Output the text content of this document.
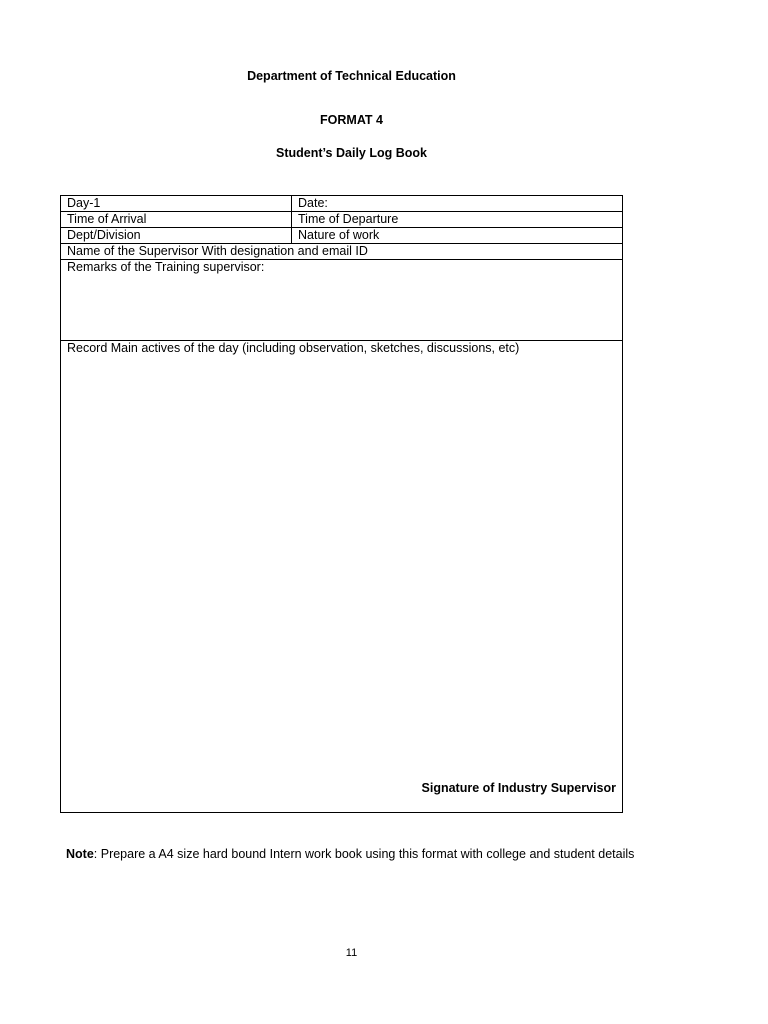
Department of Technical Education
FORMAT 4
Student’s Daily Log Book
Day-1	Date:
Time of Arrival	Time of Departure
Dept/Division	Nature of work
Name of the Supervisor With designation and email ID	
Remarks of the Training supervisor:	
Record Main actives of the day (including observation, sketches, discussions, etc)
Signature of Industry Supervisor	
Note: Prepare a A4 size hard bound Intern work book using this format with college and student details
11
